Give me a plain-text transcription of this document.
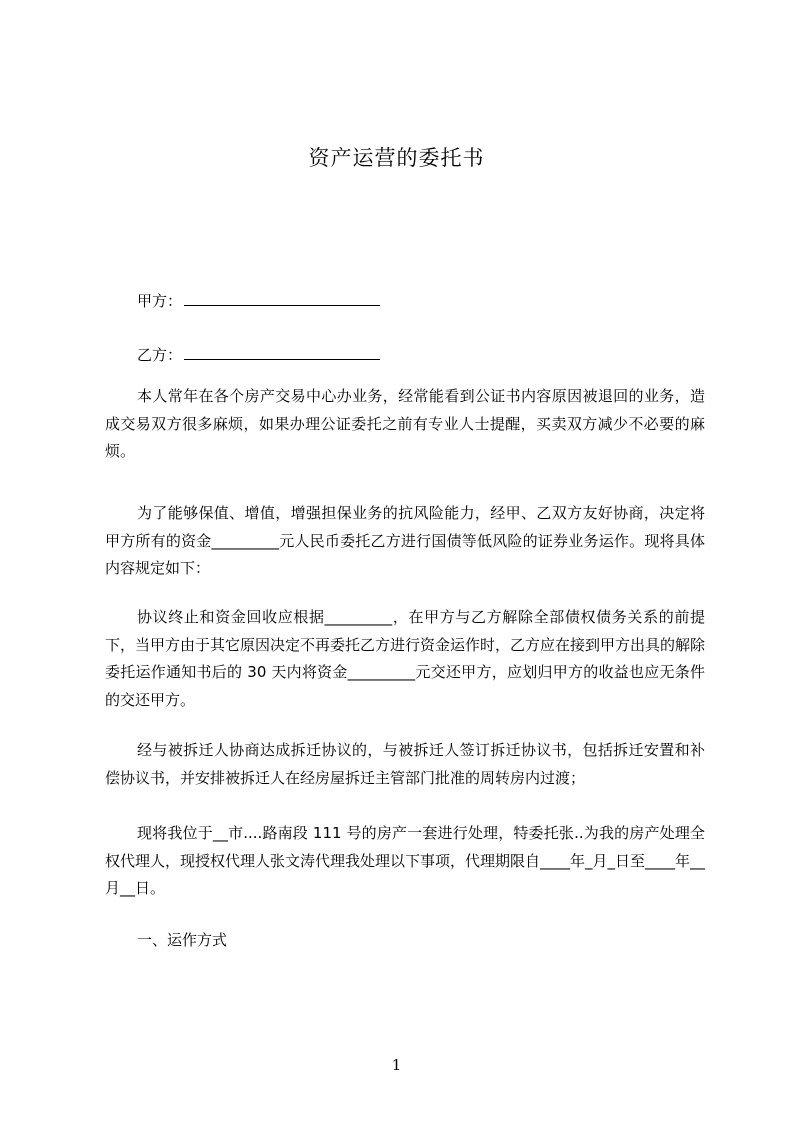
资产运营的委托书
甲方：
乙方：

本人常年在各个房产交易中心办业务，经常能看到公证书内容原因被退回的业务，造成交易双方很多麻烦，如果办理公证委托之前有专业人士提醒，买卖双方减少不必要的麻烦。

为了能够保值、增值，增强担保业务的抗风险能力，经甲、乙双方友好协商，决定将甲方所有的资金_________元人民币委托乙方进行国债等低风险的证券业务运作。现将具体内容规定如下：

协议终止和资金回收应根据_________，在甲方与乙方解除全部债权债务关系的前提下，当甲方由于其它原因决定不再委托乙方进行资金运作时，乙方应在接到甲方出具的解除委托运作通知书后的 30 天内将资金_________元交还甲方，应划归甲方的收益也应无条件的交还甲方。

经与被拆迁人协商达成拆迁协议的，与被拆迁人签订拆迁协议书，包括拆迁安置和补偿协议书，并安排被拆迁人在经房屋拆迁主管部门批准的周转房内过渡；

现将我位于__市....路南段 111 号的房产一套进行处理，特委托张..为我的房产处理全权代理人，现授权代理人张文涛代理我处理以下事项，代理期限自____年_月_日至____年__月__日。

一、运作方式
1
